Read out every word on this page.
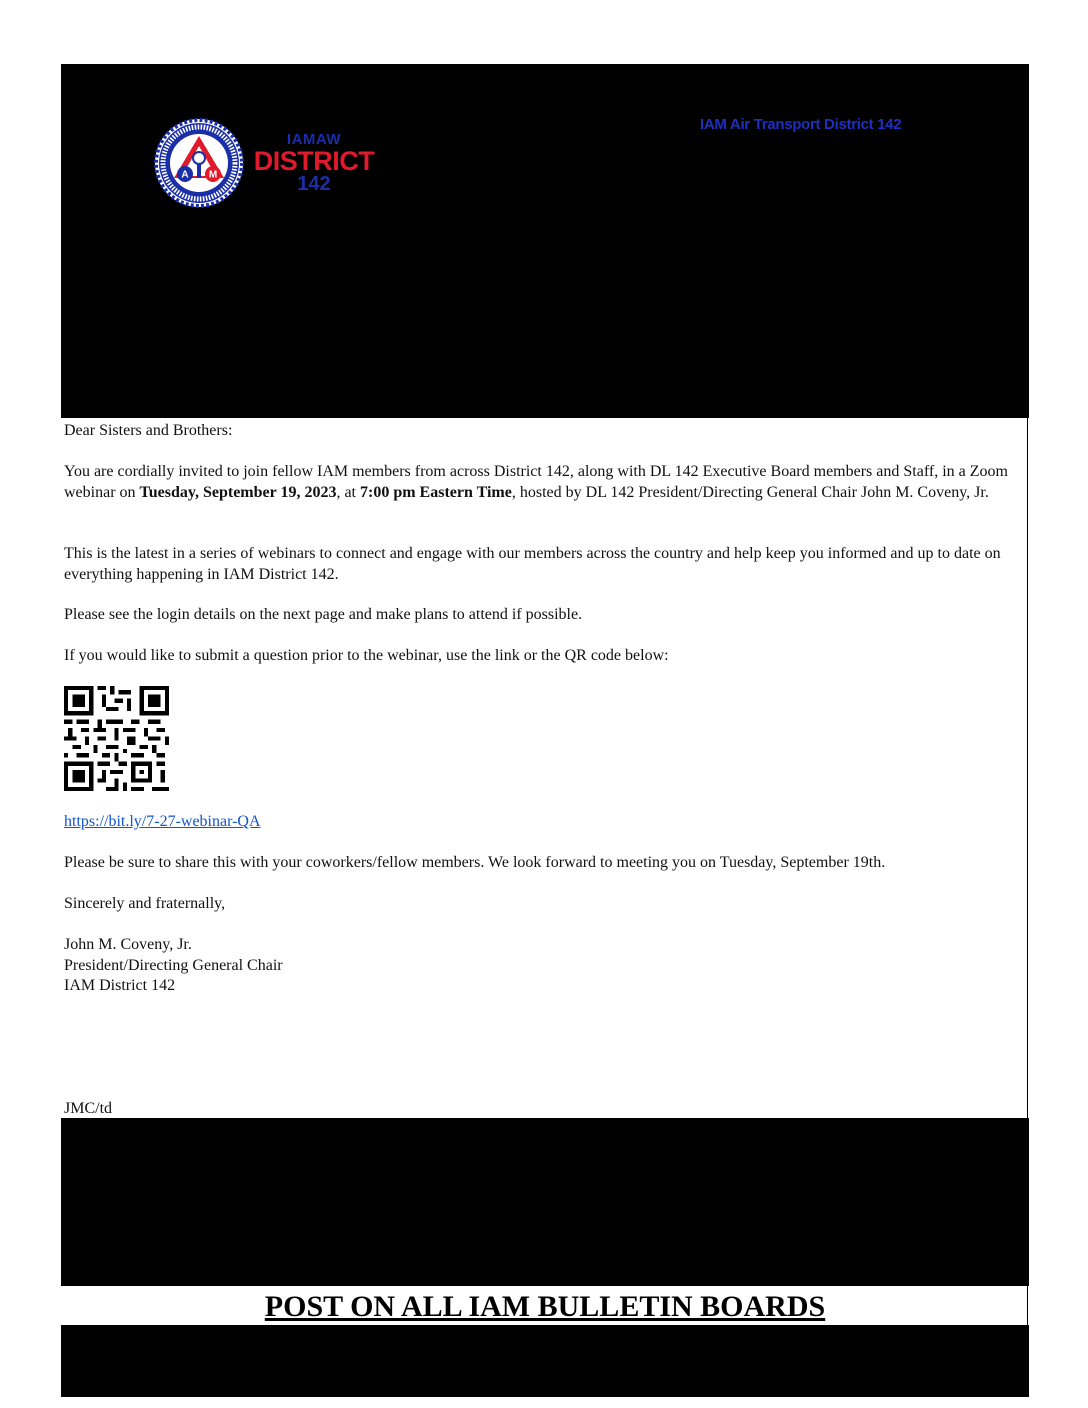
A M
IAMAW
DISTRICT
142
IAM Air Transport District 142
Dear Sisters and Brothers:
You are cordially invited to join fellow IAM members from across District 142, along with DL 142 Executive Board members and Staff, in a Zoom webinar on Tuesday, September 19, 2023, at 7:00 pm Eastern Time, hosted by DL 142 President/Directing General Chair John M. Coveny, Jr.
This is the latest in a series of webinars to connect and engage with our members across the country and help keep you informed and up to date on everything happening in IAM District 142.
Please see the login details on the next page and make plans to attend if possible.
If you would like to submit a question prior to the webinar, use the link or the QR code below:
https://bit.ly/7-27-webinar-QA
Please be sure to share this with your coworkers/fellow members. We look forward to meeting you on Tuesday, September 19th.
Sincerely and fraternally,
John M. Coveny, Jr.
President/Directing General Chair
IAM District 142
JMC/td
POST ON ALL IAM BULLETIN BOARDS
